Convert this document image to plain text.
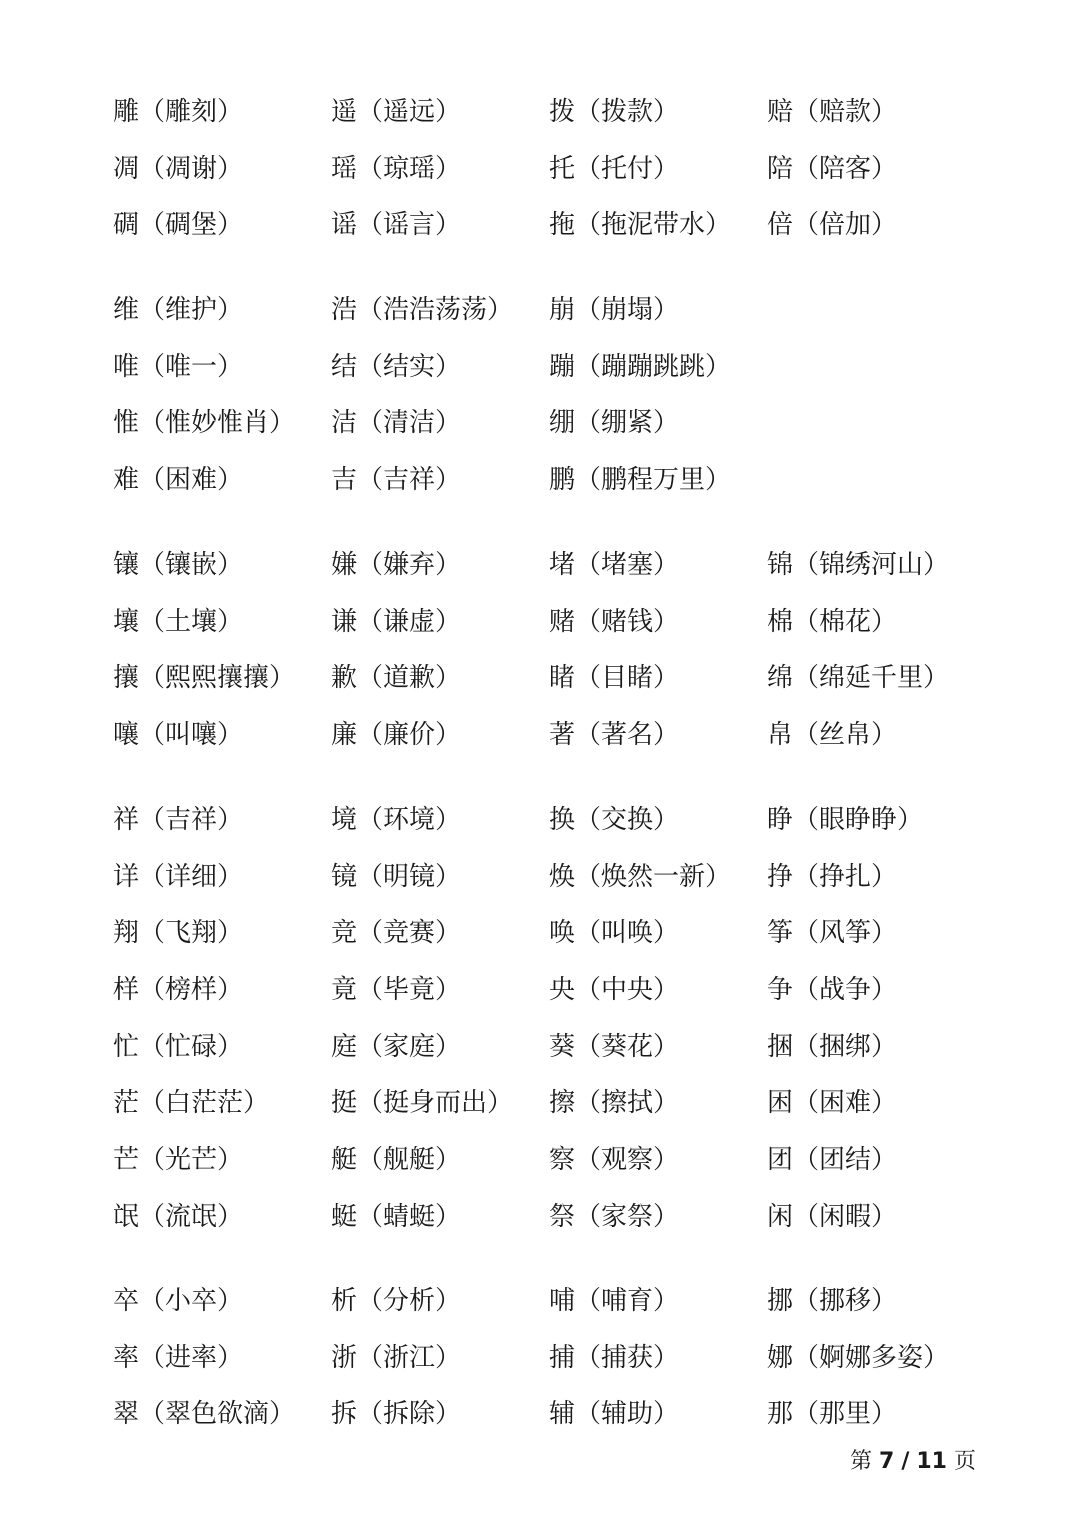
雕（雕刻）	遥（遥远）	拨（拨款）	赔（赔款）
凋（凋谢）	瑶（琼瑶）	托（托付）	陪（陪客）
碉（碉堡）	谣（谣言）	拖（拖泥带水） 倍（倍加）
维（维护）	浩（浩浩荡荡） 崩（崩塌）
唯（唯一）	结（结实）	蹦（蹦蹦跳跳）
惟（惟妙惟肖） 洁（清洁）	绷（绷紧）
难（困难）	吉（吉祥）	鹏（鹏程万里）
镶（镶嵌）	嫌（嫌弃）	堵（堵塞）	锦（锦绣河山）
壤（土壤）	谦（谦虚）	赌（赌钱）	棉（棉花）
攘（熙熙攘攘） 歉（道歉）	睹（目睹）	绵（绵延千里）
嚷（叫嚷）	廉（廉价）	著（著名）	帛（丝帛）
祥（吉祥）	境（环境）	换（交换）	睁（眼睁睁）
详（详细）	镜（明镜）	焕（焕然一新） 挣（挣扎）
翔（飞翔）	竞（竞赛）	唤（叫唤）	筝（风筝）
样（榜样）	竟（毕竟）	央（中央）	争（战争）
忙（忙碌）	庭（家庭）	葵（葵花）	捆（捆绑）
茫（白茫茫） 挺（挺身而出） 擦（擦拭）	困（困难）
芒（光芒）	艇（舰艇）	察（观察）	团（团结）
氓（流氓）	蜓（蜻蜓）	祭（家祭）	闲（闲暇）
卒（小卒）	析（分析）	哺（哺育）	挪（挪移）
率（进率）	浙（浙江）	捕（捕获）	娜（婀娜多姿）
翠（翠色欲滴） 拆（拆除）	辅（辅助）	那（那里）
第 7 / 11 页
